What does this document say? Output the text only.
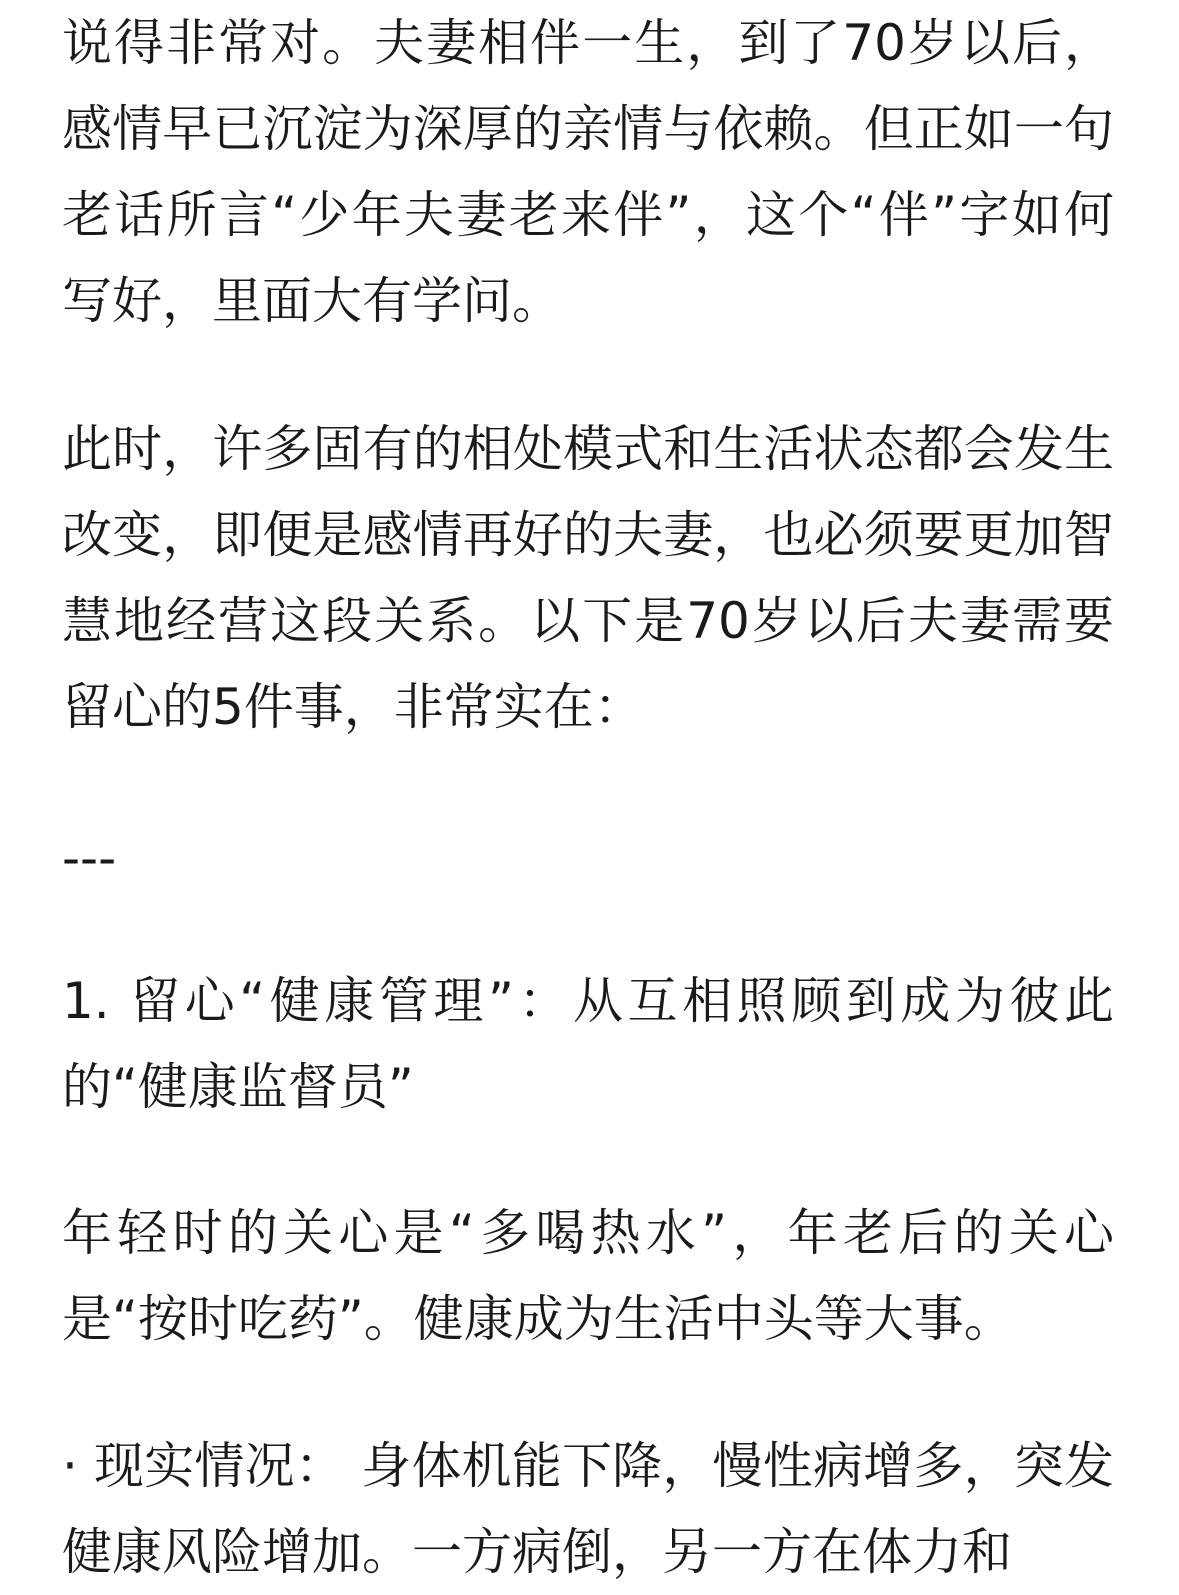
说得非常对。夫妻相伴一生，到了70岁以后，感情早已沉淀为深厚的亲情与依赖。但正如一句老话所言“少年夫妻老来伴”，这个“伴”字如何写好，里面大有学问。

此时，许多固有的相处模式和生活状态都会发生改变，即便是感情再好的夫妻，也必须要更加智慧地经营这段关系。以下是70岁以后夫妻需要留心的5件事，非常实在：

---

1. 留心“健康管理”：从互相照顾到成为彼此的“健康监督员”

年轻时的关心是“多喝热水”，年老后的关心是“按时吃药”。健康成为生活中头等大事。

· 现实情况： 身体机能下降，慢性病增多，突发健康风险增加。一方病倒，另一方在体力和
